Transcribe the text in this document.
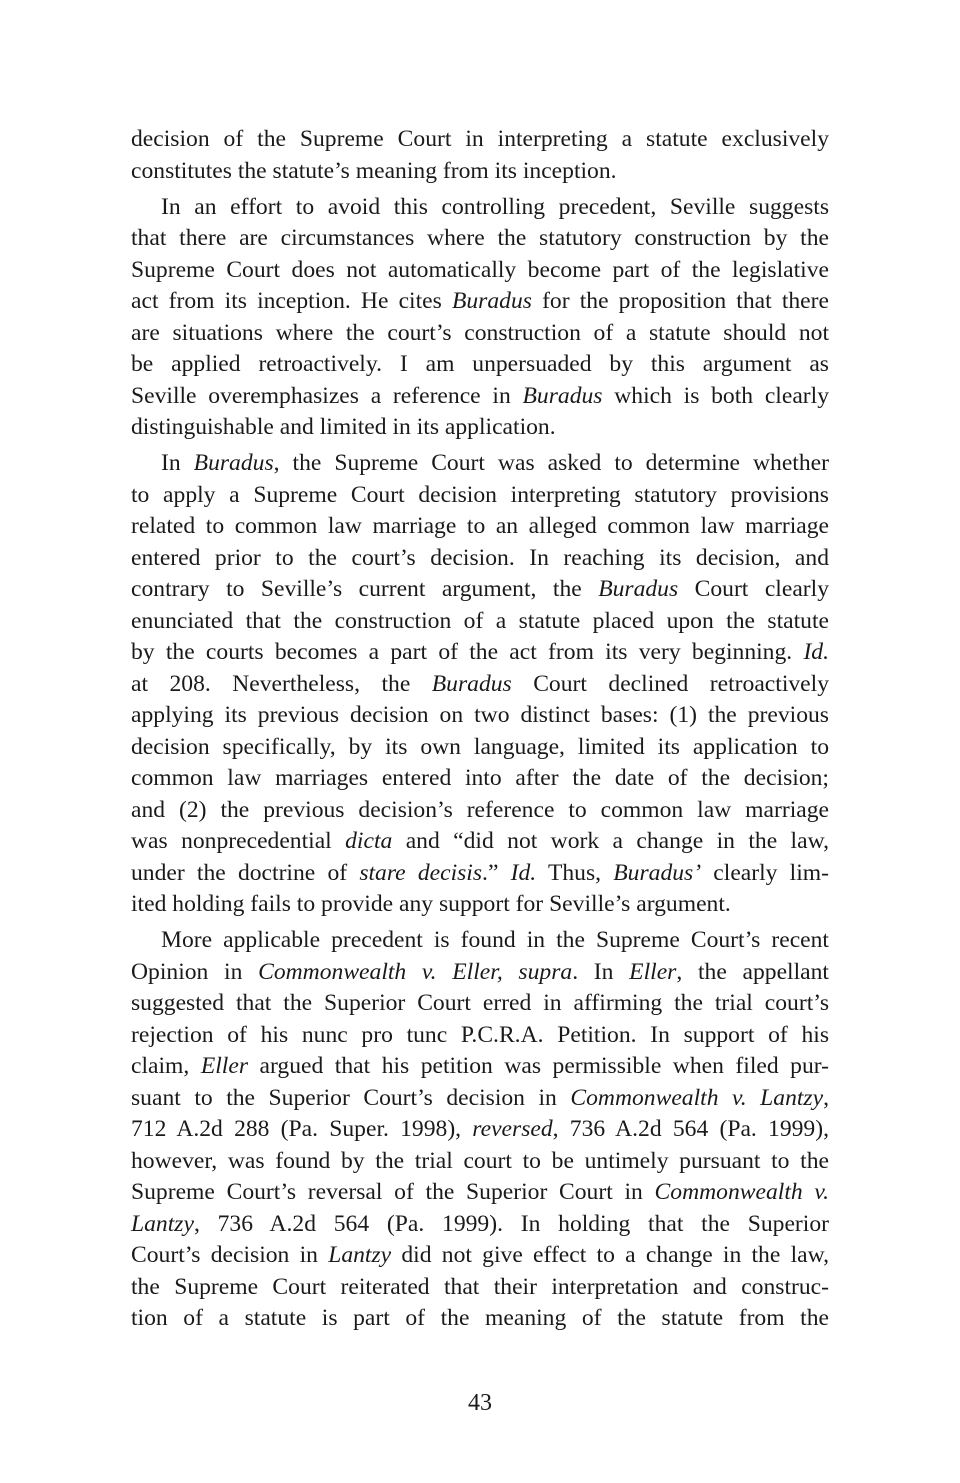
decision of the Supreme Court in interpreting a statute exclusively
constitutes the statute’s meaning from its inception.
In an effort to avoid this controlling precedent, Seville suggests
that there are circumstances where the statutory construction by the
Supreme Court does not automatically become part of the legislative
act from its inception. He cites Buradus for the proposition that there
are situations where the court’s construction of a statute should not
be applied retroactively. I am unpersuaded by this argument as
Seville overemphasizes a reference in Buradus which is both clearly
distinguishable and limited in its application.
In Buradus, the Supreme Court was asked to determine whether
to apply a Supreme Court decision interpreting statutory provisions
related to common law marriage to an alleged common law marriage
entered prior to the court’s decision. In reaching its decision, and
contrary to Seville’s current argument, the Buradus Court clearly
enunciated that the construction of a statute placed upon the statute
by the courts becomes a part of the act from its very beginning. Id.
at 208. Nevertheless, the Buradus Court declined retroactively
applying its previous decision on two distinct bases: (1) the previous
decision specifically, by its own language, limited its application to
common law marriages entered into after the date of the decision;
and (2) the previous decision’s reference to common law marriage
was nonprecedential dicta and “did not work a change in the law,
under the doctrine of stare decisis.” Id. Thus, Buradus’ clearly lim-
ited holding fails to provide any support for Seville’s argument.
More applicable precedent is found in the Supreme Court’s recent
Opinion in Commonwealth v. Eller, supra. In Eller, the appellant
suggested that the Superior Court erred in affirming the trial court’s
rejection of his nunc pro tunc P.C.R.A. Petition. In support of his
claim, Eller argued that his petition was permissible when filed pur-
suant to the Superior Court’s decision in Commonwealth v. Lantzy,
712 A.2d 288 (Pa. Super. 1998), reversed, 736 A.2d 564 (Pa. 1999),
however, was found by the trial court to be untimely pursuant to the
Supreme Court’s reversal of the Superior Court in Commonwealth v.
Lantzy, 736 A.2d 564 (Pa. 1999). In holding that the Superior
Court’s decision in Lantzy did not give effect to a change in the law,
the Supreme Court reiterated that their interpretation and construc-
tion of a statute is part of the meaning of the statute from the
43
